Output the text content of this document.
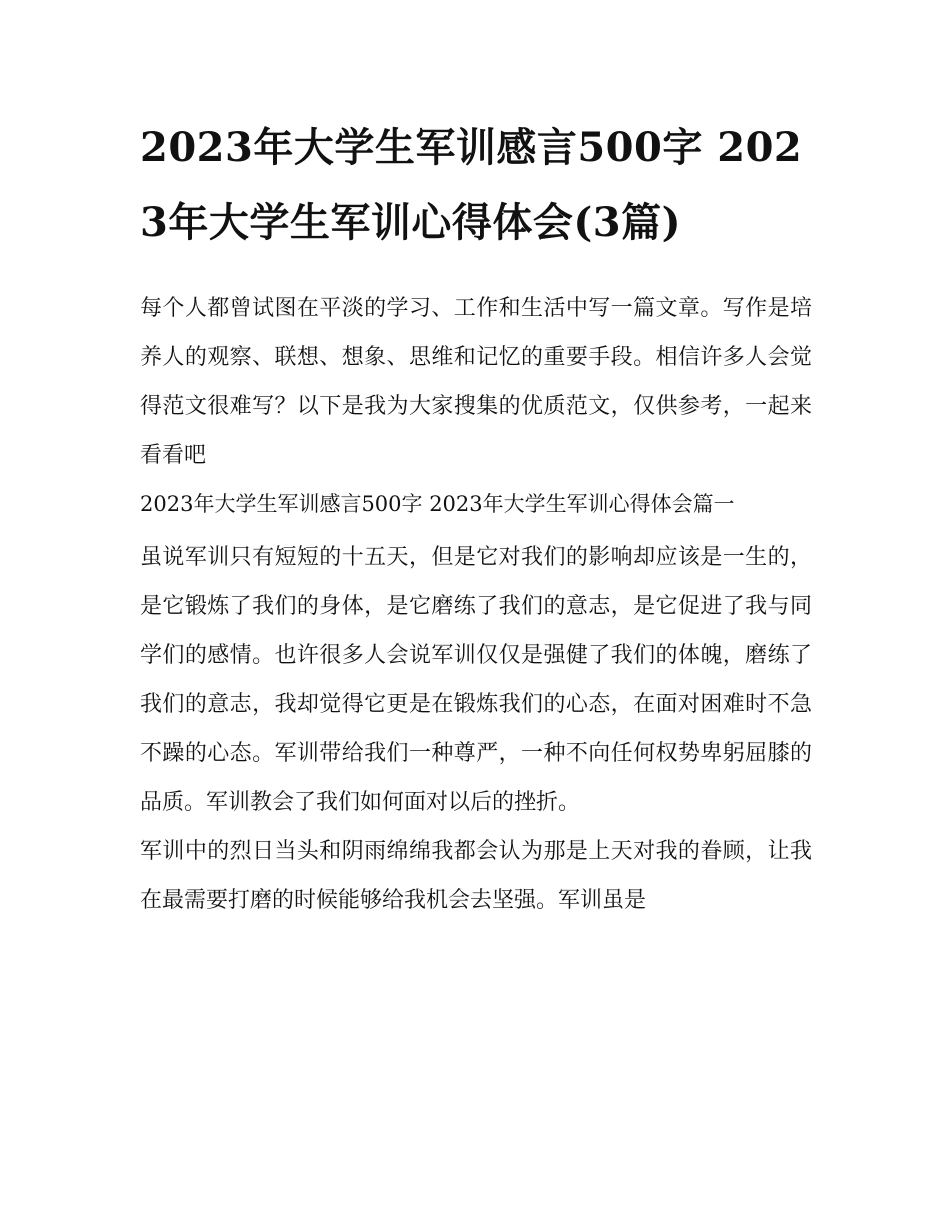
2023年大学生军训感言500字 2023年大学生军训心得体会(3篇)

每个人都曾试图在平淡的学习、工作和生活中写一篇文章。写作是培养人的观察、联想、想象、思维和记忆的重要手段。相信许多人会觉得范文很难写？以下是我为大家搜集的优质范文，仅供参考，一起来看看吧

2023年大学生军训感言500字 2023年大学生军训心得体会篇一

虽说军训只有短短的十五天，但是它对我们的影响却应该是一生的，是它锻炼了我们的身体，是它磨练了我们的意志，是它促进了我与同学们的感情。也许很多人会说军训仅仅是强健了我们的体魄，磨练了我们的意志，我却觉得它更是在锻炼我们的心态，在面对困难时不急不躁的心态。军训带给我们一种尊严，一种不向任何权势卑躬屈膝的品质。军训教会了我们如何面对以后的挫折。

军训中的烈日当头和阴雨绵绵我都会认为那是上天对我的眷顾，让我在最需要打磨的时候能够给我机会去坚强。军训虽是
